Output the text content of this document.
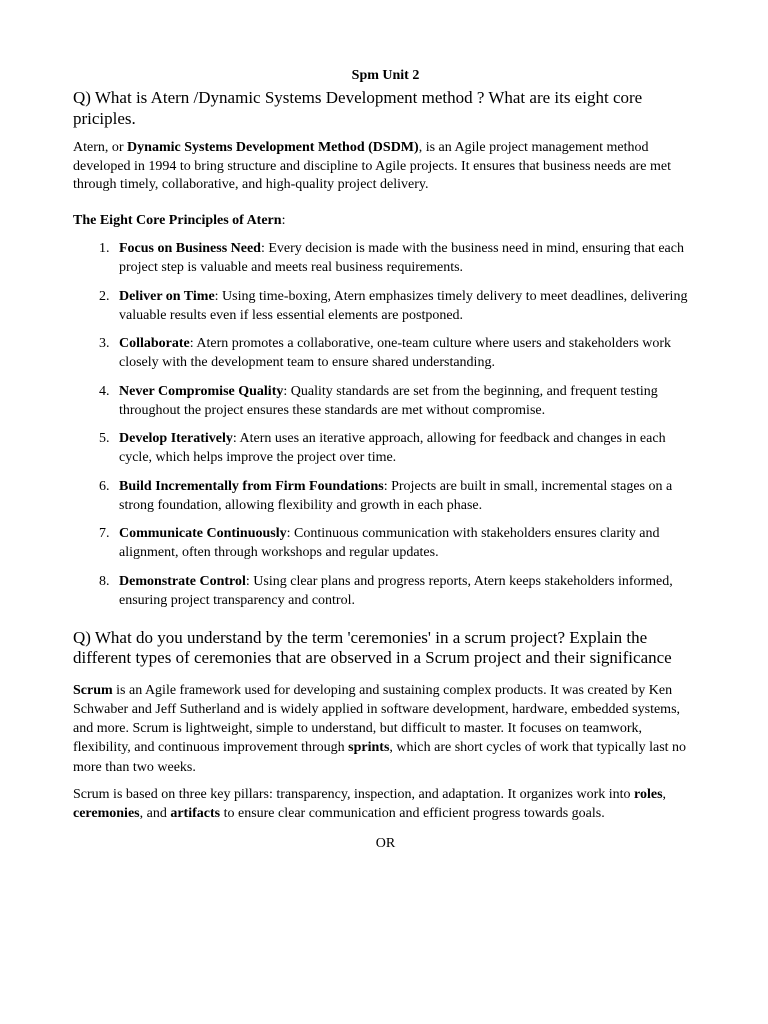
Spm Unit 2
Q) What is Atern /Dynamic Systems Development method ? What are its eight core priciples.

Atern, or Dynamic Systems Development Method (DSDM), is an Agile project management method developed in 1994 to bring structure and discipline to Agile projects. It ensures that business needs are met through timely, collaborative, and high-quality project delivery.

The Eight Core Principles of Atern:

1. Focus on Business Need: Every decision is made with the business need in mind, ensuring that each project step is valuable and meets real business requirements.
2. Deliver on Time: Using time-boxing, Atern emphasizes timely delivery to meet deadlines, delivering valuable results even if less essential elements are postponed.
3. Collaborate: Atern promotes a collaborative, one-team culture where users and stakeholders work closely with the development team to ensure shared understanding.
4. Never Compromise Quality: Quality standards are set from the beginning, and frequent testing throughout the project ensures these standards are met without compromise.
5. Develop Iteratively: Atern uses an iterative approach, allowing for feedback and changes in each cycle, which helps improve the project over time.
6. Build Incrementally from Firm Foundations: Projects are built in small, incremental stages on a strong foundation, allowing flexibility and growth in each phase.
7. Communicate Continuously: Continuous communication with stakeholders ensures clarity and alignment, often through workshops and regular updates.
8. Demonstrate Control: Using clear plans and progress reports, Atern keeps stakeholders informed, ensuring project transparency and control.
Q) What do you understand by the term 'ceremonies' in a scrum project? Explain the different types of ceremonies that are observed in a Scrum project and their significance

Scrum is an Agile framework used for developing and sustaining complex products. It was created by Ken Schwaber and Jeff Sutherland and is widely applied in software development, hardware, embedded systems, and more. Scrum is lightweight, simple to understand, but difficult to master. It focuses on teamwork, flexibility, and continuous improvement through sprints, which are short cycles of work that typically last no more than two weeks.

Scrum is based on three key pillars: transparency, inspection, and adaptation. It organizes work into roles, ceremonies, and artifacts to ensure clear communication and efficient progress towards goals.

OR
